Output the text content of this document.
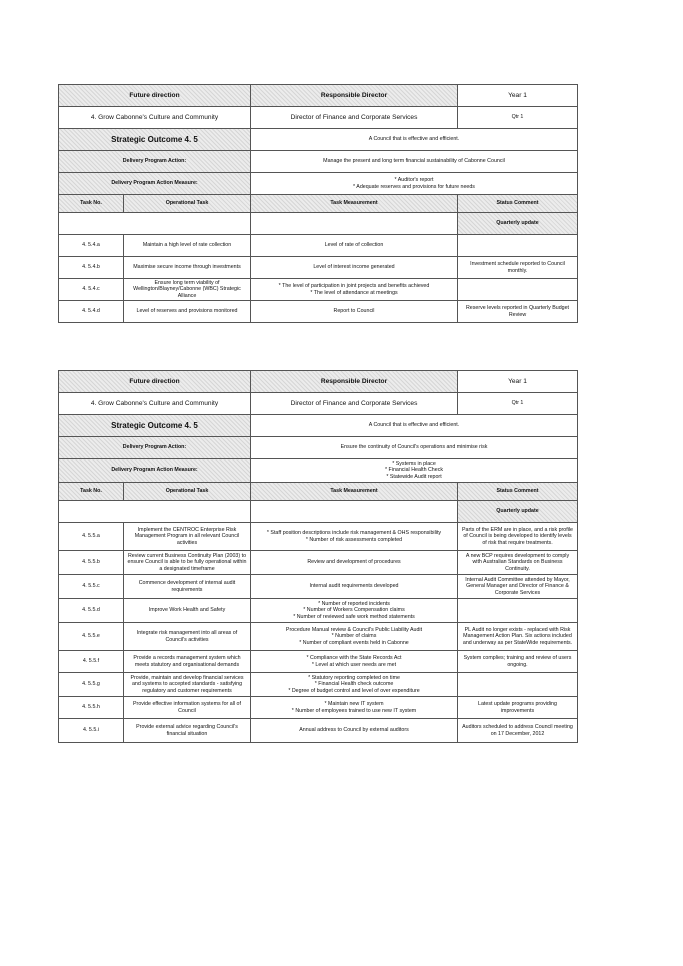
Future direction		Responsible Director	Year 1
4. Grow Cabonne's Culture and Community		Director of Finance and Corporate Services	Qtr 1
Strategic Outcome 4. 5		A Council that is effective and efficient.	
Delivery Program Action:		Manage the present and long term financial sustainability of Cabonne Council	
Delivery Program Action Measure:		* Auditor's report
* Adequate reserves and provisions for future needs	

Task No.	Operational Task	Task Measurement	Status Comment
			Quarterly update
4. 5.4.a	Maintain a high level of rate collection	Level of rate of collection	

4. 5.4.b	Maximise secure income through investments	Level of interest income generated	Investment schedule reported to Council monthly.
4. 5.4.c	Ensure long term viability of Wellington/Blayney/Cabonne (WBC) Strategic Alliance	* The level of participation in joint projects and benefits achieved
* The level of attendance at meetings	

4. 5.4.d	Level of reserves and provisions monitored	Report to Council	Reserve levels reported in Quarterly Budget Review
Future direction		Responsible Director	Year 1
4. Grow Cabonne's Culture and Community		Director of Finance and Corporate Services	Qtr 1
Strategic Outcome 4. 5		A Council that is effective and efficient.	
Delivery Program Action:		Ensure the continuity of Council's operations and minimise risk	
Delivery Program Action Measure:		* Systems in place
* Financial Health Check
* Statewide Audit report	

Task No.	Operational Task	Task Measurement	Status Comment
			Quarterly update
4. 5.5.a	Implement the CENTROC Enterprise Risk Management Program in all relevant Council activities	* Staff position descriptions include risk management & OHS responsibility
* Number of risk assessments completed	Parts of the ERM are in place, and a risk profile of Council is being developed to identify levels of risk that require treatments.
4. 5.5.b	Review current Business Continuity Plan (2003) to ensure Council is able to be fully operational within a designated timeframe	Review and development of procedures	A new BCP requires development to comply with Australian Standards on Business Continuity.
4. 5.5.c	Commence development of internal audit requirements	Internal audit requirements developed	Internal Audit Committee attended by Mayor, General Manager and Director of Finance & Corporate Services
4. 5.5.d	Improve Work Health and Safety	* Number of reported incidents
* Number of Workers Compensation claims
* Number of reviewed safe work method statements	

4. 5.5.e	Integrate risk management into all areas of Council's activities	Procedure Manual review & Council's Public Liability Audit
* Number of claims
* Number of compliant events held in Cabonne	PL Audit no longer exists - replaced with Risk Management Action Plan. Six actions included and underway as per StateWide requirements.
4. 5.5.f	Provide a records management system which meets statutory and organisational demands	* Compliance with the State Records Act
* Level at which user needs are met	System complies; training and review of users ongoing.
4. 5.5.g	Provide, maintain and develop financial services and systems to accepted standards - satisfying regulatory and customer requirements	* Statutory reporting completed on time
* Financial Health check outcome
* Degree of budget control and level of over expenditure	

4. 5.5.h	Provide effective information systems for all of Council	* Maintain new IT system
* Number of employees trained to use new IT system	Latest update programs providing improvements
4. 5.5.i	Provide external advice regarding Council's financial situation	Annual address to Council by external auditors	Auditors scheduled to address Council meeting on 17 December, 2012
